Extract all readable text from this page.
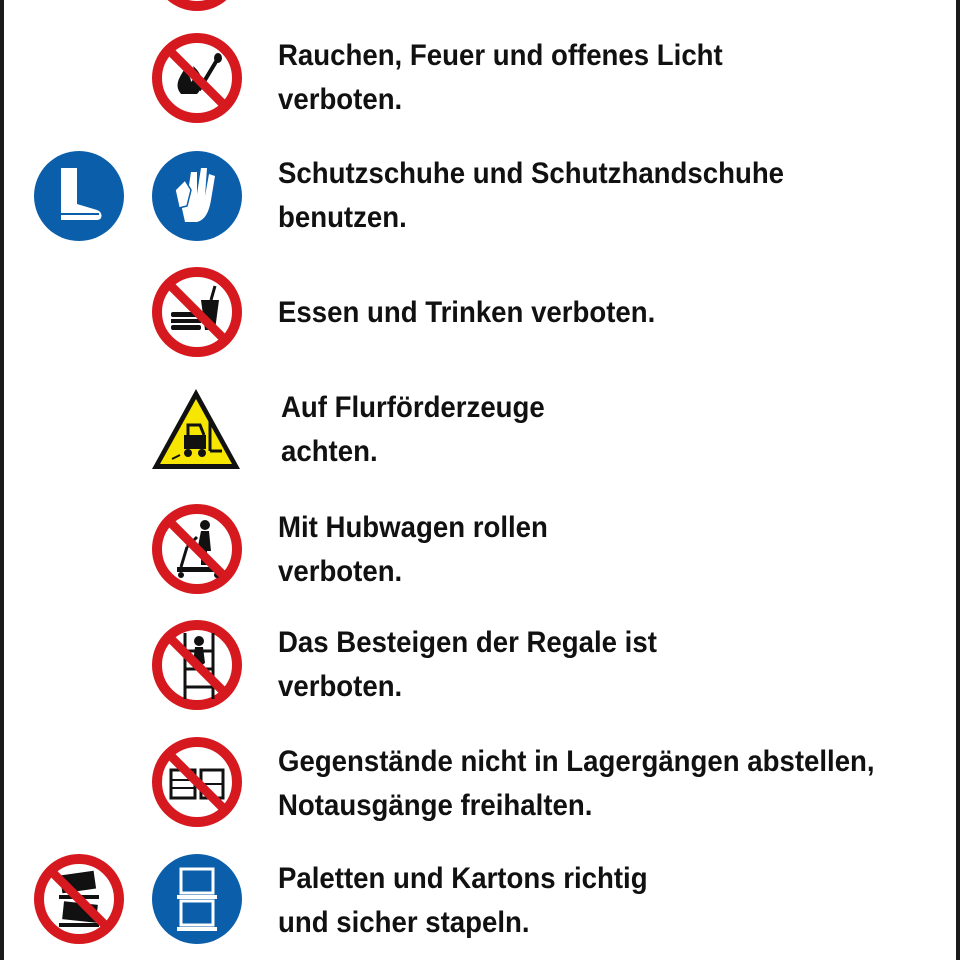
Rauchen, Feuer und offenes Licht
verboten.
Schutzschuhe und Schutzhandschuhe
benutzen.
Essen und Trinken verboten.
Auf Flurförderzeuge
achten.
Mit Hubwagen rollen
verboten.
Das Besteigen der Regale ist
verboten.
Gegenstände nicht in Lagergängen abstellen,
Notausgänge freihalten.
Paletten und Kartons richtig
und sicher stapeln.
